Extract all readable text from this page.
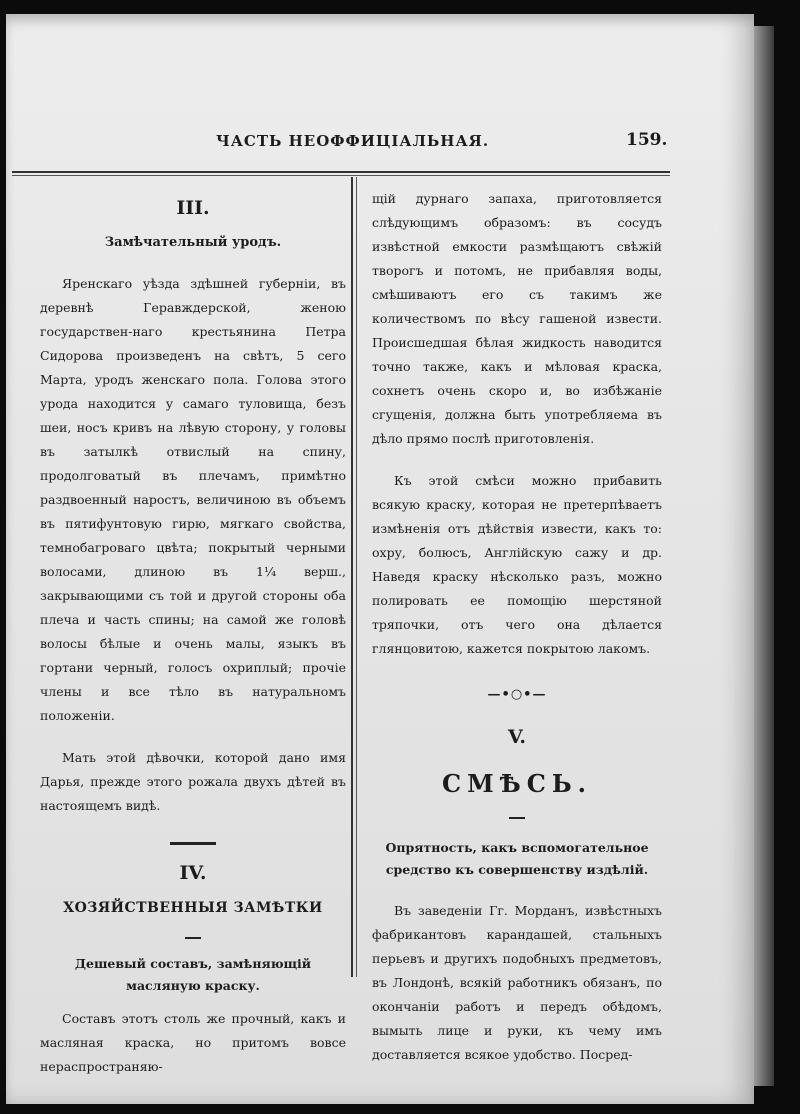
ЧАСТЬ НЕОФФИЦІАЛЬНАЯ.	159.
III.
Замѣчательный уродъ.

Яренскаго уѣзда здѣшней губерніи, въ деревнѣ Геравждерской, женою государствен-наго крестьянина Петра Сидорова произведенъ на свѣтъ, 5 сего Марта, уродъ женскаго пола. Голова этого урода находится у самаго туловища, безъ шеи, носъ кривъ на лѣвую сторону, у головы въ затылкѣ отвислый на спину, продолговатый въ плечамъ, примѣтно раздвоенный наростъ, величиною въ объемъ въ пятифунтовую гирю, мягкаго свойства, темнобагроваго цвѣта; покрытый черными волосами, длиною въ 1¼ верш., закрывающими съ той и другой стороны оба плеча и часть спины; на самой же головѣ волосы бѣлые и очень малы, языкъ въ гортани черный, голосъ охриплый; прочіе члены и все тѣло въ натуральномъ положеніи.

Мать этой дѣвочки, которой дано имя Дарья, прежде этого рожала двухъ дѣтей въ настоящемъ видѣ.

IV.
ХОЗЯЙСТВЕННЫЯ ЗАМѢТКИ
Дешевый составъ, замѣняющій масляную краску.

Составъ этотъ столь же прочный, какъ и масляная краска, но притомъ вовсе нераспространяю-

щій дурнаго запаха, приготовляется слѣдующимъ образомъ: въ сосудъ извѣстной емкости размѣщаютъ свѣжій творогъ и потомъ, не прибавляя воды, смѣшиваютъ его съ такимъ же количествомъ по вѣсу гашеной извести. Происшедшая бѣлая жидкость наводится точно также, какъ и мѣловая краска, сохнетъ очень скоро и, во избѣжаніе сгущенія, должна быть употребляема въ дѣло прямо послѣ приготовленія.

Къ этой смѣси можно прибавить всякую краску, которая не претерпѣваетъ измѣненія отъ дѣйствія извести, какъ то: охру, болюсъ, Англійскую сажу и др. Наведя краску нѣсколько разъ, можно полировать ее помощію шерстяной тряпочки, отъ чего она дѣлается глянцовитою, кажется покрытою лакомъ.

—•○•—
V.
СМѢСЬ.
Опрятность, какъ вспомогательное средство къ совершенству издѣлій.

Въ заведеніи Гг. Морданъ, извѣстныхъ фабрикантовъ карандашей, стальныхъ перьевъ и другихъ подобныхъ предметовъ, въ Лондонѣ, всякій работникъ обязанъ, по окончаніи работъ и передъ обѣдомъ, вымыть лице и руки, къ чему имъ доставляется всякое удобство. Посред-
